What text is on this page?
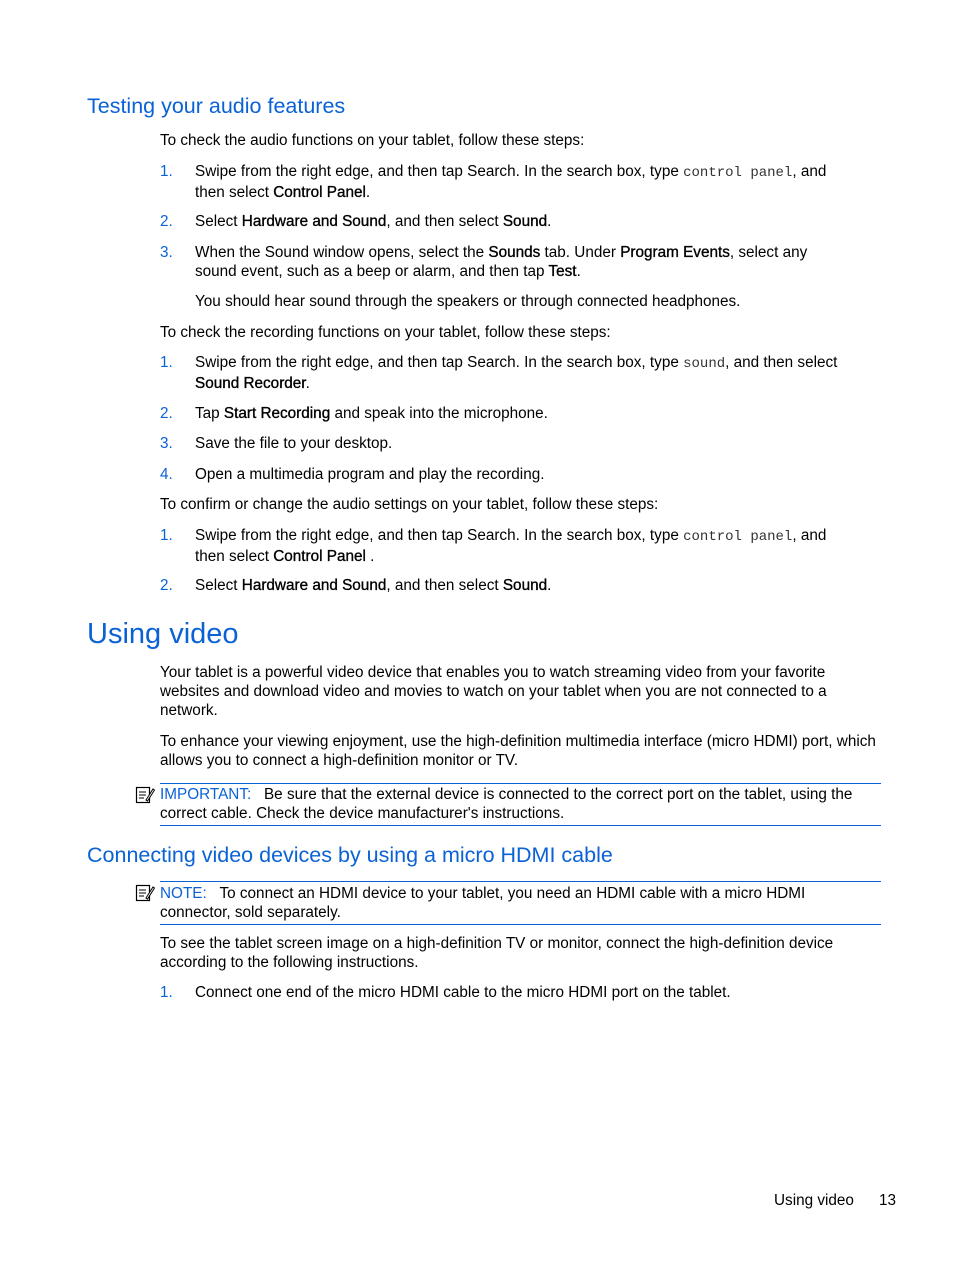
Testing your audio features
To check the audio functions on your tablet, follow these steps:
1. Swipe from the right edge, and then tap Search. In the search box, type control panel, and
then select Control Panel.
2. Select Hardware and Sound, and then select Sound.
3. When the Sound window opens, select the Sounds tab. Under Program Events, select any
sound event, such as a beep or alarm, and then tap Test.
You should hear sound through the speakers or through connected headphones.
To check the recording functions on your tablet, follow these steps:
1. Swipe from the right edge, and then tap Search. In the search box, type sound, and then select
Sound Recorder.
2. Tap Start Recording and speak into the microphone.
3. Save the file to your desktop.
4. Open a multimedia program and play the recording.
To confirm or change the audio settings on your tablet, follow these steps:
1. Swipe from the right edge, and then tap Search. In the search box, type control panel, and
then select Control Panel .
2. Select Hardware and Sound, and then select Sound.
Using video
Your tablet is a powerful video device that enables you to watch streaming video from your favorite websites and download video and movies to watch on your tablet when you are not connected to a network.
To enhance your viewing enjoyment, use the high-definition multimedia interface (micro HDMI) port, which allows you to connect a high-definition monitor or TV.
IMPORTANT: Be sure that the external device is connected to the correct port on the tablet, using the correct cable. Check the device manufacturer's instructions.
Connecting video devices by using a micro HDMI cable
NOTE: To connect an HDMI device to your tablet, you need an HDMI cable with a micro HDMI connector, sold separately.
To see the tablet screen image on a high-definition TV or monitor, connect the high-definition device according to the following instructions.
1. Connect one end of the micro HDMI cable to the micro HDMI port on the tablet.
Using video 13
